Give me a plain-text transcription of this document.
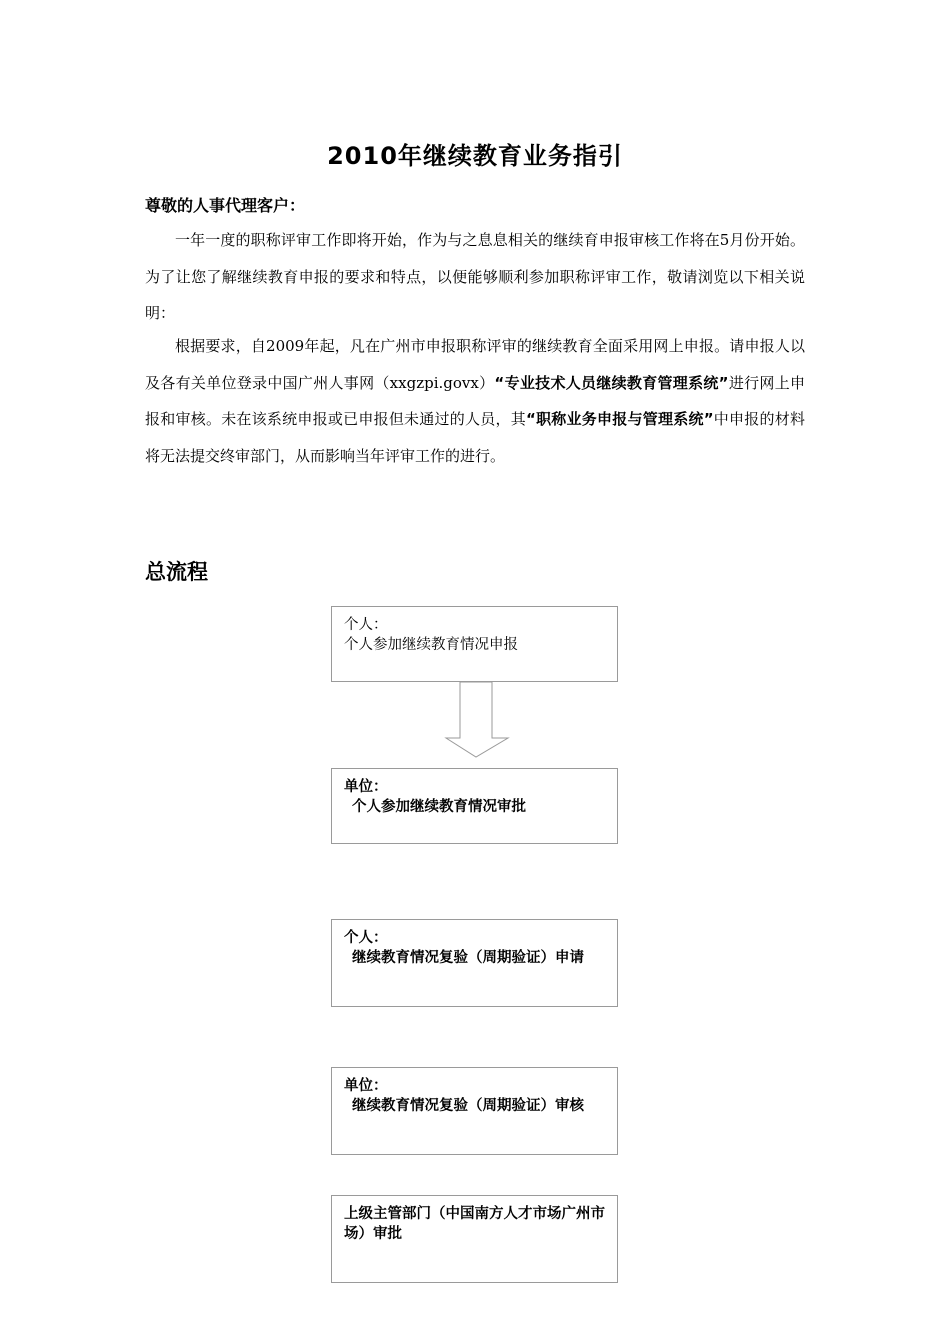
2010年继续教育业务指引
尊敬的人事代理客户：
一年一度的职称评审工作即将开始，作为与之息息相关的继续育申报审核工作将在5月份开始。为了让您了解继续教育申报的要求和特点，以便能够顺利参加职称评审工作，敬请浏览以下相关说明：
根据要求，自2009年起，凡在广州市申报职称评审的继续教育全面采用网上申报。请申报人以及各有关单位登录中国广州人事网（xxgzpi.govx）“专业技术人员继续教育管理系统”进行网上申报和审核。未在该系统申报或已申报但未通过的人员，其“职称业务申报与管理系统”中申报的材料将无法提交终审部门，从而影响当年评审工作的进行。
总流程
个人：
个人参加继续教育情况申报
单位：
个人参加继续教育情况审批
个人：
继续教育情况复验（周期验证）申请
单位：
继续教育情况复验（周期验证）审核
上级主管部门（中国南方人才市场广州市场）审批
